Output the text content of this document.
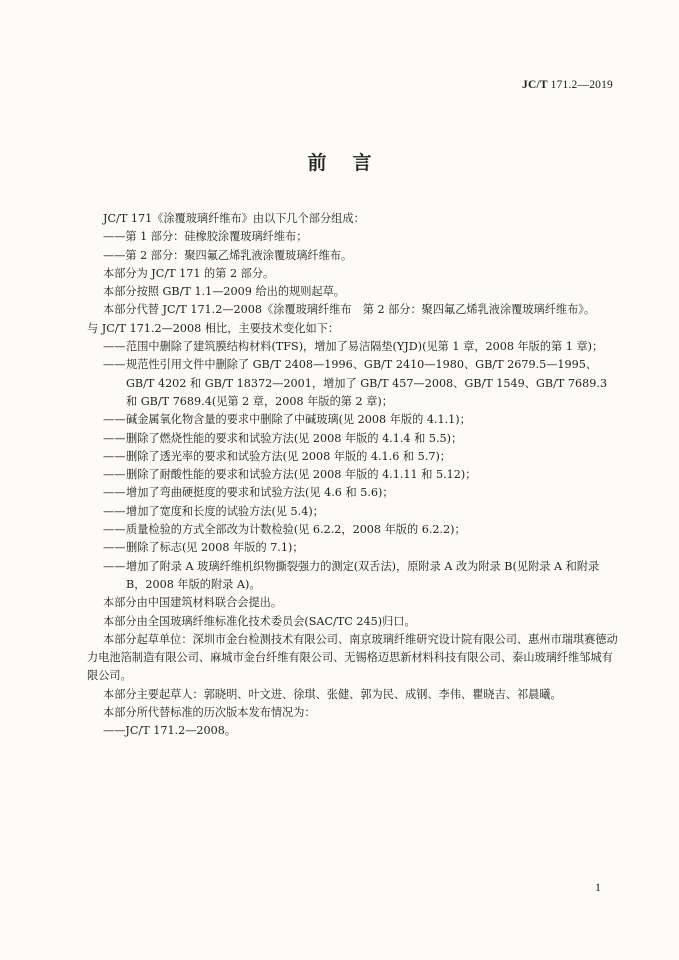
JC/T 171.2—2019
前言
JC/T 171《涂覆玻璃纤维布》由以下几个部分组成：
——第 1 部分：硅橡胶涂覆玻璃纤维布；
——第 2 部分：聚四氟乙烯乳液涂覆玻璃纤维布。
本部分为 JC/T 171 的第 2 部分。
本部分按照 GB/T 1.1—2009 给出的规则起草。
本部分代替 JC/T 171.2—2008《涂覆玻璃纤维布　第 2 部分：聚四氟乙烯乳液涂覆玻璃纤维布》。
与 JC/T 171.2—2008 相比，主要技术变化如下：
——范围中删除了建筑膜结构材料(TFS)，增加了易洁隔垫(YJD)(见第 1 章，2008 年版的第 1 章)；
——规范性引用文件中删除了 GB/T 2408—1996、GB/T 2410—1980、GB/T 2679.5—1995、GB/T 4202 和 GB/T 18372—2001，增加了 GB/T 457—2008、GB/T 1549、GB/T 7689.3 和 GB/T 7689.4(见第 2 章，2008 年版的第 2 章)；
——碱金属氧化物含量的要求中删除了中碱玻璃(见 2008 年版的 4.1.1)；
——删除了燃烧性能的要求和试验方法(见 2008 年版的 4.1.4 和 5.5)；
——删除了透光率的要求和试验方法(见 2008 年版的 4.1.6 和 5.7)；
——删除了耐酸性能的要求和试验方法(见 2008 年版的 4.1.11 和 5.12)；
——增加了弯曲硬挺度的要求和试验方法(见 4.6 和 5.6)；
——增加了宽度和长度的试验方法(见 5.4)；
——质量检验的方式全部改为计数检验(见 6.2.2，2008 年版的 6.2.2)；
——删除了标志(见 2008 年版的 7.1)；
——增加了附录 A 玻璃纤维机织物撕裂强力的测定(双舌法)，原附录 A 改为附录 B(见附录 A 和附录 B，2008 年版的附录 A)。
本部分由中国建筑材料联合会提出。
本部分由全国玻璃纤维标准化技术委员会(SAC/TC 245)归口。
本部分起草单位：深圳市金台检测技术有限公司、南京玻璃纤维研究设计院有限公司、惠州市瑞琪赛德动力电池箔制造有限公司、麻城市金台纤维有限公司、无锡格迈思新材料科技有限公司、泰山玻璃纤维邹城有限公司。
本部分主要起草人：郭晓明、叶文进、徐琪、张健、郭为民、成钢、李伟、瞿晓吉、祁晨曦。
本部分所代替标准的历次版本发布情况为：
——JC/T 171.2—2008。
1
